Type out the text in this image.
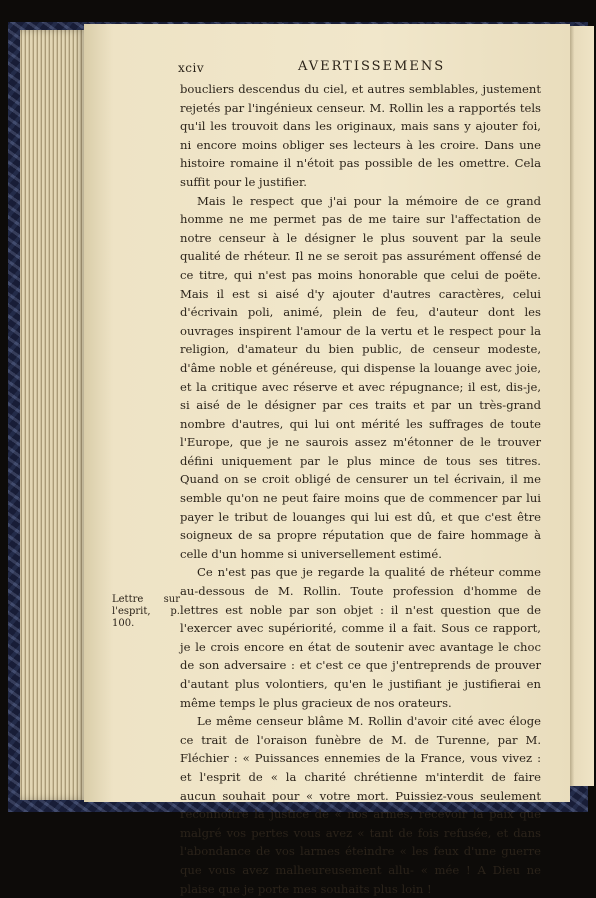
xciv	AVERTISSEMENS
Lettre sur l'esprit, p. 100.

boucliers descendus du ciel, et autres semblables, justement rejetés par l'ingénieux censeur. M. Rollin les a rapportés tels qu'il les trouvoit dans les originaux, mais sans y ajouter foi, ni encore moins obliger ses lecteurs à les croire. Dans une histoire romaine il n'étoit pas possible de les omettre. Cela suffit pour le justifier.

Mais le respect que j'ai pour la mémoire de ce grand homme ne me permet pas de me taire sur l'affectation de notre censeur à le désigner le plus souvent par la seule qualité de rhéteur. Il ne se seroit pas assurément offensé de ce titre, qui n'est pas moins honorable que celui de poëte. Mais il est si aisé d'y ajouter d'autres caractères, celui d'écrivain poli, animé, plein de feu, d'auteur dont les ouvrages inspirent l'amour de la vertu et le respect pour la religion, d'amateur du bien public, de censeur modeste, d'âme noble et généreuse, qui dispense la louange avec joie, et la critique avec réserve et avec répugnance; il est, dis-je, si aisé de le désigner par ces traits et par un très-grand nombre d'autres, qui lui ont mérité les suffrages de toute l'Europe, que je ne saurois assez m'étonner de le trouver défini uniquement par le plus mince de tous ses titres. Quand on se croit obligé de censurer un tel écrivain, il me semble qu'on ne peut faire moins que de commencer par lui payer le tribut de louanges qui lui est dû, et que c'est être soigneux de sa propre réputation que de faire hommage à celle d'un homme si universellement estimé.

Ce n'est pas que je regarde la qualité de rhéteur comme au-dessous de M. Rollin. Toute profession d'homme de lettres est noble par son objet : il n'est question que de l'exercer avec supériorité, comme il a fait. Sous ce rapport, je le crois encore en état de soutenir avec avantage le choc de son adversaire : et c'est ce que j'entreprends de prouver d'autant plus volontiers, qu'en le justifiant je justifierai en même temps le plus gracieux de nos orateurs.

Le même censeur blâme M. Rollin d'avoir cité avec éloge ce trait de l'oraison funèbre de M. de Turenne, par M. Fléchier : « Puissances ennemies de la France, vous vivez : et l'esprit de « la charité chrétienne m'interdit de faire aucun souhait pour « votre mort. Puissiez-vous seulement reconnoître la justice de « nos armes, recevoir la paix que malgré vos pertes vous avez « tant de fois refusée, et dans l'abondance de vos larmes éteindre « les feux d'une guerre que vous avez malheureusement allu- « mée ! A Dieu ne plaise que je porte mes souhaits plus loin !
